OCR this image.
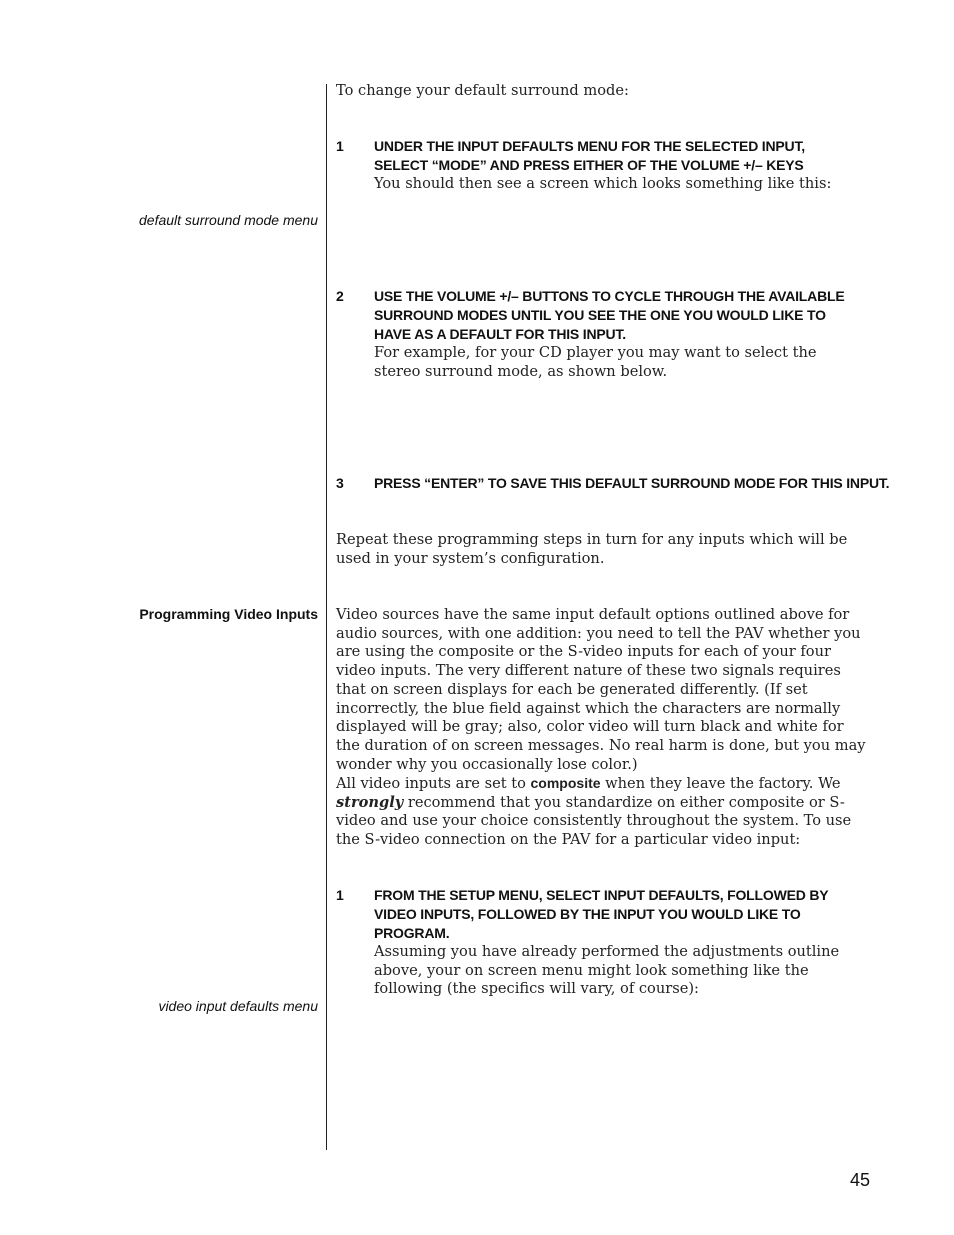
default surround mode menu
Programming Video Inputs
video input defaults menu

To change your default surround mode:

1 UNDER THE INPUT DEFAULTS MENU FOR THE SELECTED INPUT, SELECT “MODE” AND PRESS EITHER OF THE VOLUME +/– KEYS
You should then see a screen which looks something like this:
2 USE THE VOLUME +/– BUTTONS TO CYCLE THROUGH THE AVAILABLE SURROUND MODES UNTIL YOU SEE THE ONE YOU WOULD LIKE TO HAVE AS A DEFAULT FOR THIS INPUT.
For example, for your CD player you may want to select the stereo surround mode, as shown below.
3 PRESS “ENTER” TO SAVE THIS DEFAULT SURROUND MODE FOR THIS INPUT.

Repeat these programming steps in turn for any inputs which will be used in your system’s configuration.

Video sources have the same input default options outlined above for audio sources, with one addition: you need to tell the PAV whether you are using the composite or the S-video inputs for each of your four video inputs. The very different nature of these two signals requires that on screen displays for each be generated differently. (If set incorrectly, the blue field against which the characters are normally displayed will be gray; also, color video will turn black and white for the duration of on screen messages. No real harm is done, but you may wonder why you occasionally lose color.)

All video inputs are set to composite when they leave the factory. We strongly recommend that you standardize on either composite or S-video and use your choice consistently throughout the system. To use the S-video connection on the PAV for a particular video input:

1 FROM THE SETUP MENU, SELECT INPUT DEFAULTS, FOLLOWED BY VIDEO INPUTS, FOLLOWED BY THE INPUT YOU WOULD LIKE TO PROGRAM.
Assuming you have already performed the adjustments outline above, your on screen menu might look something like the following (the specifics will vary, of course):
45
